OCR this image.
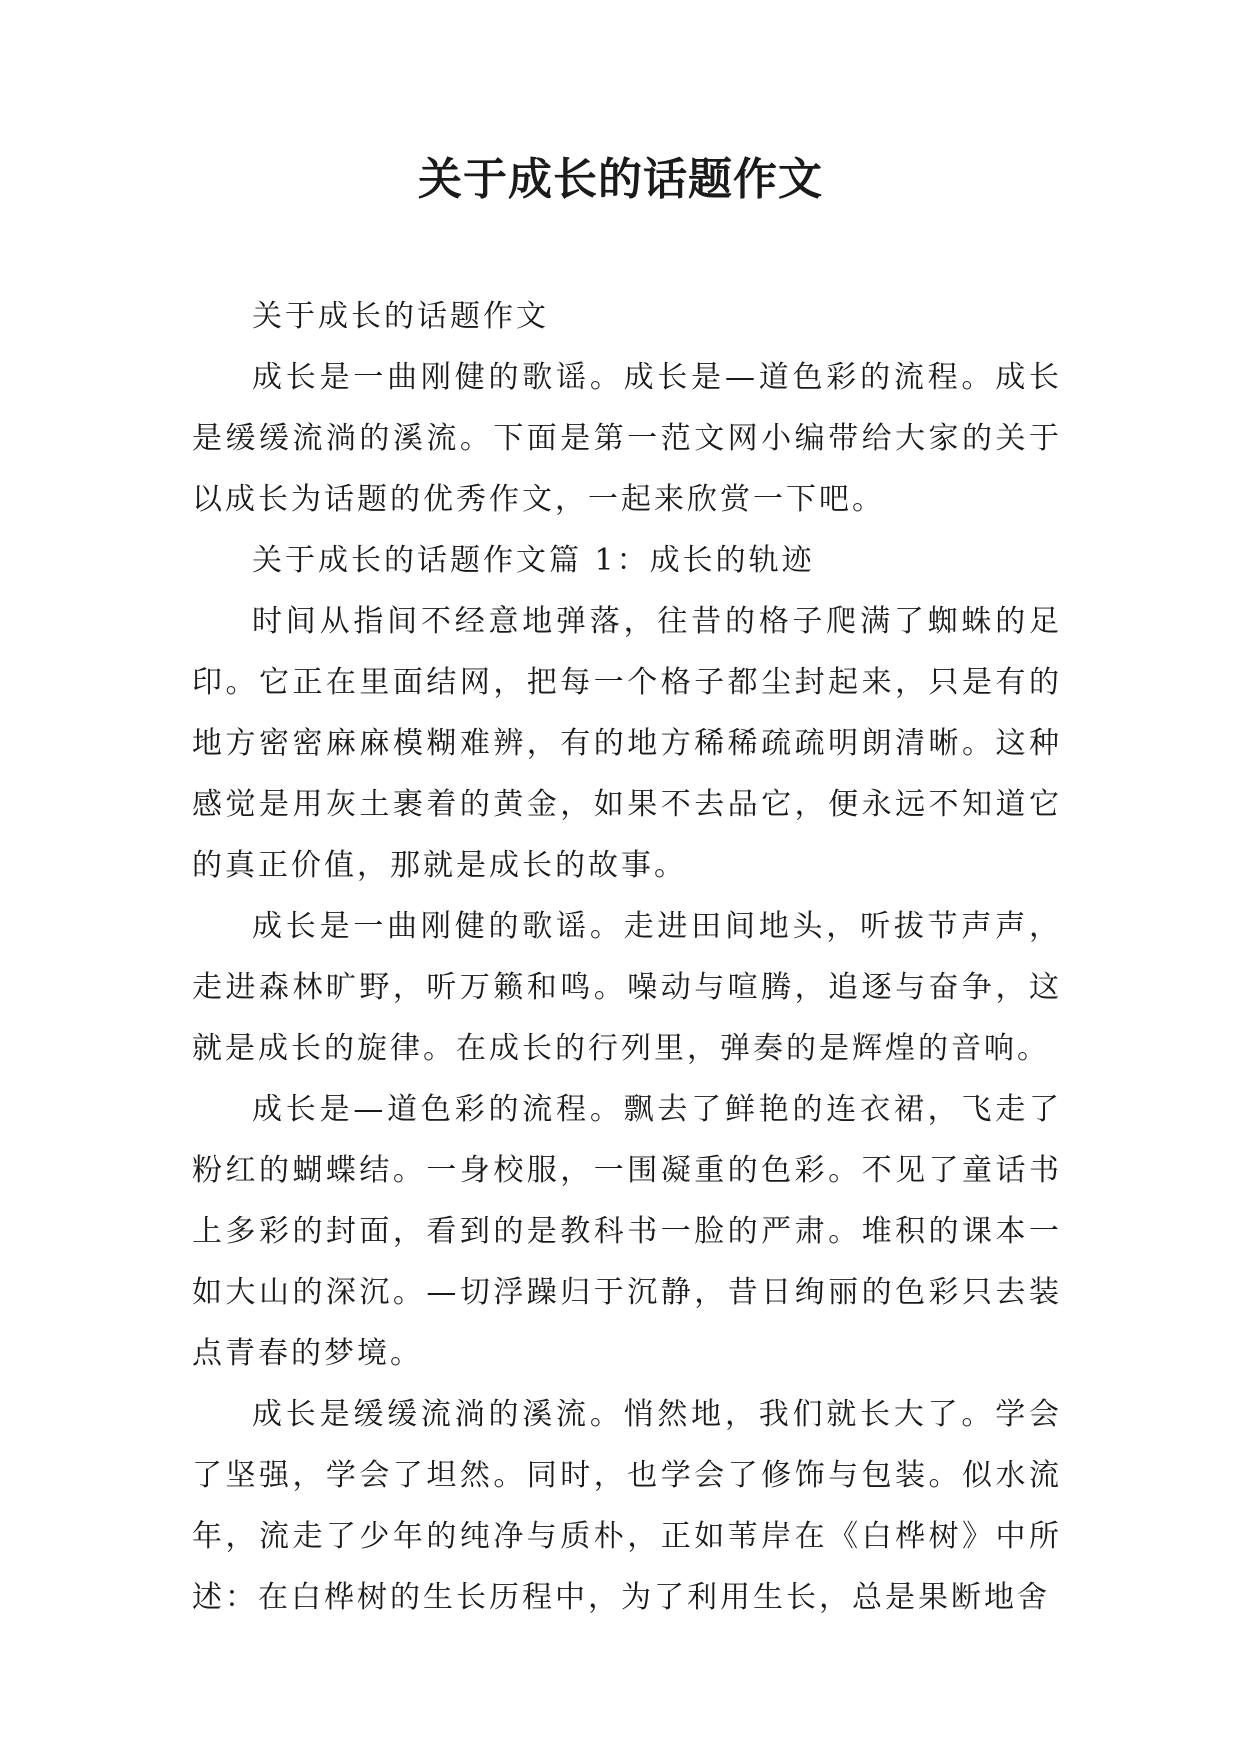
关于成长的话题作文

关于成长的话题作文

成长是一曲刚健的歌谣。成长是—道色彩的流程。成长是缓缓流淌的溪流。下面是第一范文网小编带给大家的关于以成长为话题的优秀作文，一起来欣赏一下吧。

关于成长的话题作文篇 1：成长的轨迹

时间从指间不经意地弹落，往昔的格子爬满了蜘蛛的足印。它正在里面结网，把每一个格子都尘封起来，只是有的地方密密麻麻模糊难辨，有的地方稀稀疏疏明朗清晰。这种感觉是用灰土裹着的黄金，如果不去品它，便永远不知道它的真正价值，那就是成长的故事。

成长是一曲刚健的歌谣。走进田间地头，听拔节声声，走进森林旷野，听万籁和鸣。噪动与喧腾，追逐与奋争，这就是成长的旋律。在成长的行列里，弹奏的是辉煌的音响。

成长是—道色彩的流程。飘去了鲜艳的连衣裙，飞走了粉红的蝴蝶结。一身校服，一围凝重的色彩。不见了童话书上多彩的封面，看到的是教科书一脸的严肃。堆积的课本一如大山的深沉。—切浮躁归于沉静，昔日绚丽的色彩只去装点青春的梦境。

成长是缓缓流淌的溪流。悄然地，我们就长大了。学会了坚强，学会了坦然。同时，也学会了修饰与包装。似水流年，流走了少年的纯净与质朴，正如苇岸在《白桦树》中所述：在白桦树的生长历程中，为了利用生长，总是果断地舍
